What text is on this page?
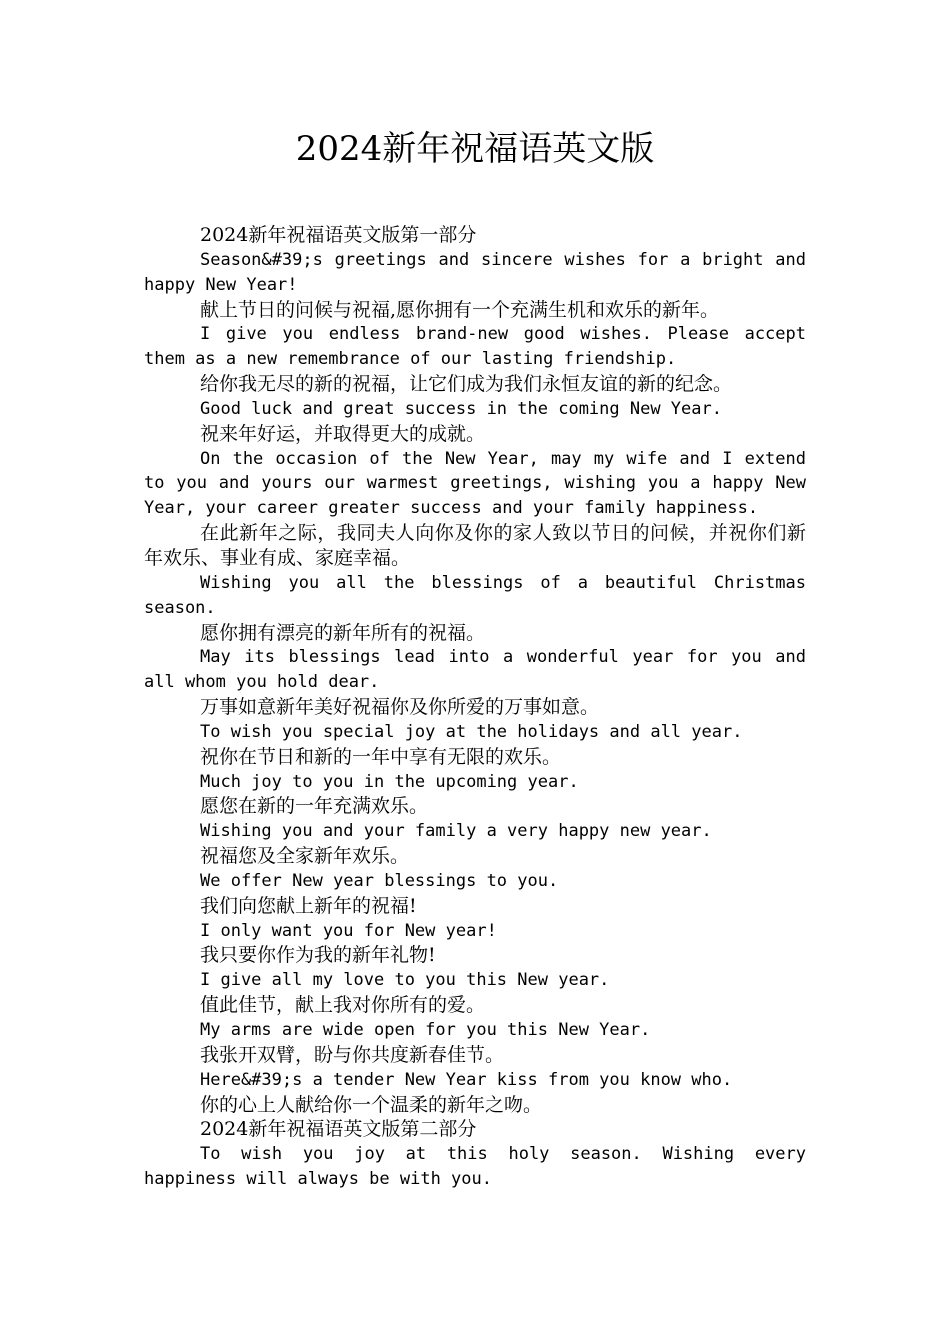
2024新年祝福语英文版

2024新年祝福语英文版第一部分

Season&#39;s greetings and sincere wishes for a bright and happy New Year!

献上节日的问候与祝福,愿你拥有一个充满生机和欢乐的新年。

I give you endless brand-new good wishes. Please accept them as a new remembrance of our lasting friendship.

给你我无尽的新的祝福，让它们成为我们永恒友谊的新的纪念。

Good luck and great success in the coming New Year.

祝来年好运，并取得更大的成就。

On the occasion of the New Year, may my wife and I extend to you and yours our warmest greetings, wishing you a happy New Year, your career greater success and your family happiness.

在此新年之际，我同夫人向你及你的家人致以节日的问候，并祝你们新年欢乐、事业有成、家庭幸福。

Wishing you all the blessings of a beautiful Christmas season.

愿你拥有漂亮的新年所有的祝福。

May its blessings lead into a wonderful year for you and all whom you hold dear.

万事如意新年美好祝福你及你所爱的万事如意。

To wish you special joy at the holidays and all year.

祝你在节日和新的一年中享有无限的欢乐。

Much joy to you in the upcoming year.

愿您在新的一年充满欢乐。

Wishing you and your family a very happy new year.

祝福您及全家新年欢乐。

We offer New year blessings to you.

我们向您献上新年的祝福!

I only want you for New year!

我只要你作为我的新年礼物!

I give all my love to you this New year.

值此佳节，献上我对你所有的爱。

My arms are wide open for you this New Year.

我张开双臂，盼与你共度新春佳节。

Here&#39;s a tender New Year kiss from you know who.

你的心上人献给你一个温柔的新年之吻。

2024新年祝福语英文版第二部分

To wish you joy at this holy season. Wishing every happiness will always be with you.
